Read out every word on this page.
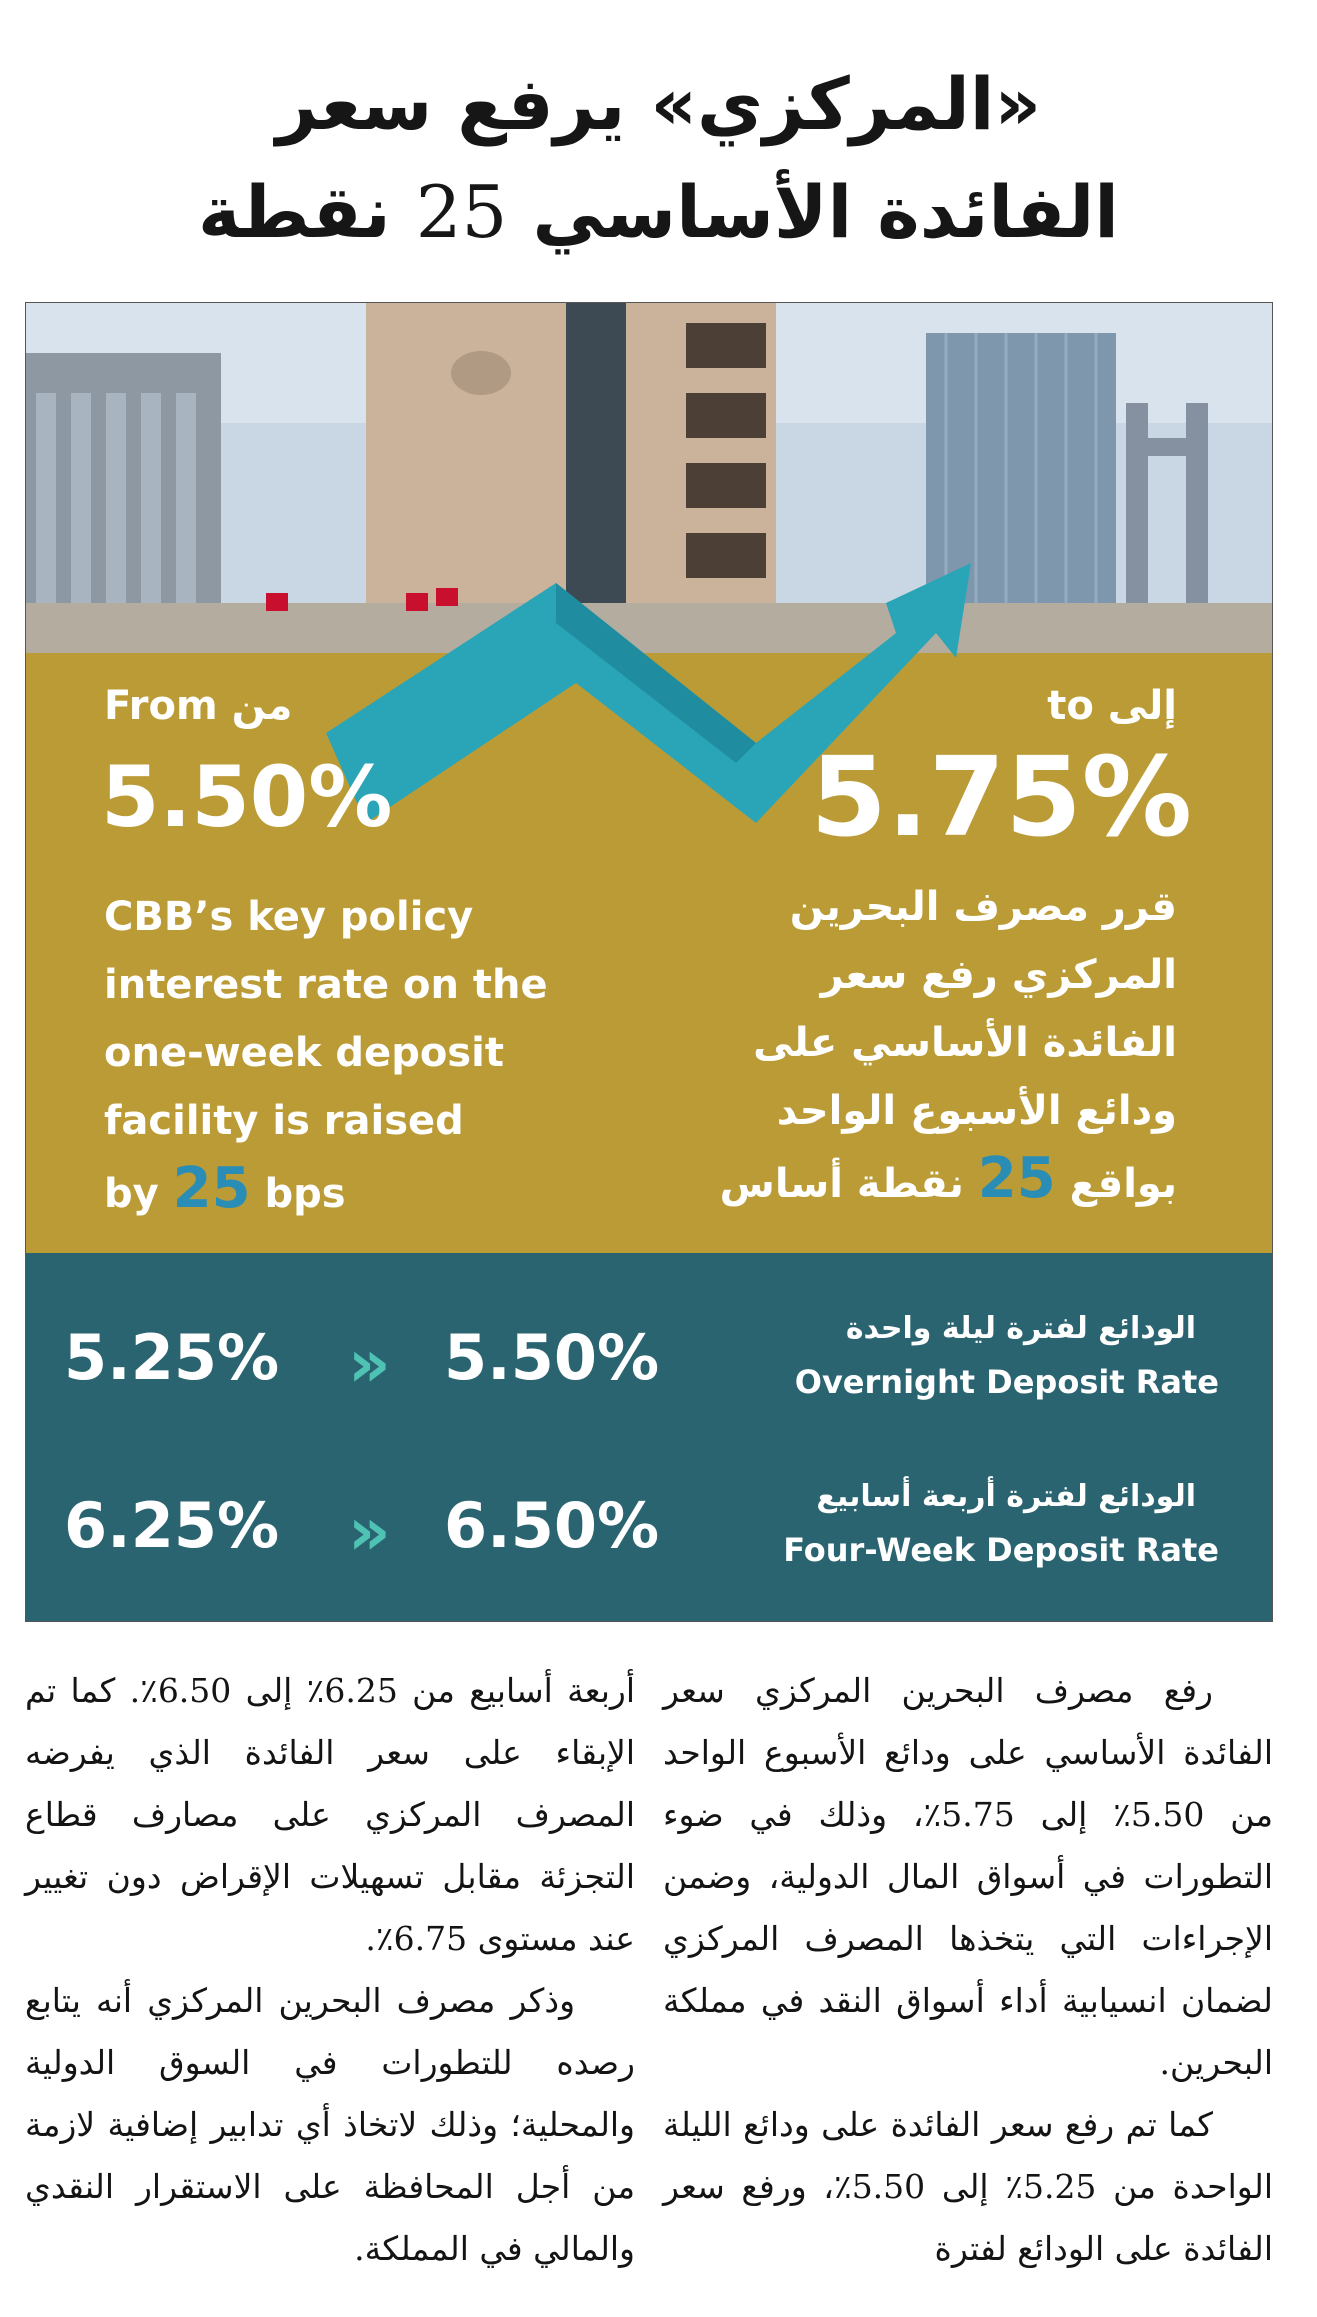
«المركزي» يرفع سعر
الفائدة الأساسي 25 نقطة
From من	إلى to
5.50%	5.75%
CBB’s key policy
interest rate on the
one-week deposit
facility is raised
by 25 bps
قرر مصرف البحرين
المركزي رفع سعر
الفائدة الأساسي على
ودائع الأسبوع الواحد
بواقع 25 نقطة أساس
5.25% » 5.50%	الودائع لفترة ليلة واحدة
Overnight Deposit Rate
6.25% » 6.50%	الودائع لفترة أربعة أسابيع
Four-Week Deposit Rate

رفع مصرف البحرين المركزي سعر الفائدة الأساسي على ودائع الأسبوع الواحد من 5.50٪ إلى 5.75٪، وذلك في ضوء التطورات في أسواق المال الدولية، وضمن الإجراءات التي يتخذها المصرف المركزي لضمان انسيابية أداء أسواق النقد في مملكة البحرين.

كما تم رفع سعر الفائدة على ودائع الليلة الواحدة من 5.25٪ إلى 5.50٪، ورفع سعر الفائدة على الودائع لفترة

أربعة أسابيع من 6.25٪ إلى 6.50٪. كما تم الإبقاء على سعر الفائدة الذي يفرضه المصرف المركزي على مصارف قطاع التجزئة مقابل تسهيلات الإقراض دون تغيير عند مستوى 6.75٪.

وذكر مصرف البحرين المركزي أنه يتابع رصده للتطورات في السوق الدولية والمحلية؛ وذلك لاتخاذ أي تدابير إضافية لازمة من أجل المحافظة على الاستقرار النقدي والمالي في المملكة.
